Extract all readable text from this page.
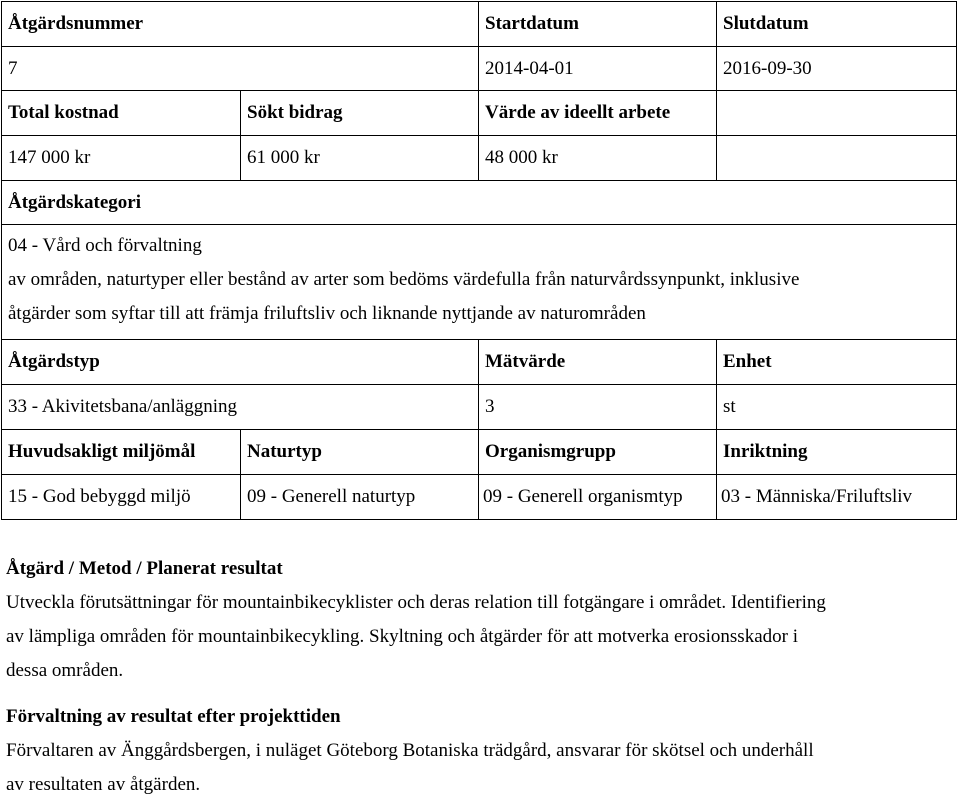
Åtgärdsnummer	Startdatum	Slutdatum
7	2014-04-01	2016-09-30
Total kostnad	Sökt bidrag	Värde av ideellt arbete
147 000 kr	61 000 kr	48 000 kr
Åtgärdskategori
04 - Vård och förvaltning
av områden, naturtyper eller bestånd av arter som bedöms värdefulla från naturvårdssynpunkt, inklusive
åtgärder som syftar till att främja friluftsliv och liknande nyttjande av naturområden
Åtgärdstyp	Mätvärde	Enhet
33 - Akivitetsbana/anläggning	3	st
Huvudsakligt miljömål	Naturtyp	Organismgrupp	Inriktning
15 - God bebyggd miljö	09 - Generell naturtyp	09 - Generell organismtyp	03 - Människa/Friluftsliv
Åtgärd / Metod / Planerat resultat
Utveckla förutsättningar för mountainbikecyklister och deras relation till fotgängare i området. Identifiering
av lämpliga områden för mountainbikecykling. Skyltning och åtgärder för att motverka erosionsskador i
dessa områden.
Förvaltning av resultat efter projekttiden
Förvaltaren av Änggårdsbergen, i nuläget Göteborg Botaniska trädgård, ansvarar för skötsel och underhåll
av resultaten av åtgärden.
